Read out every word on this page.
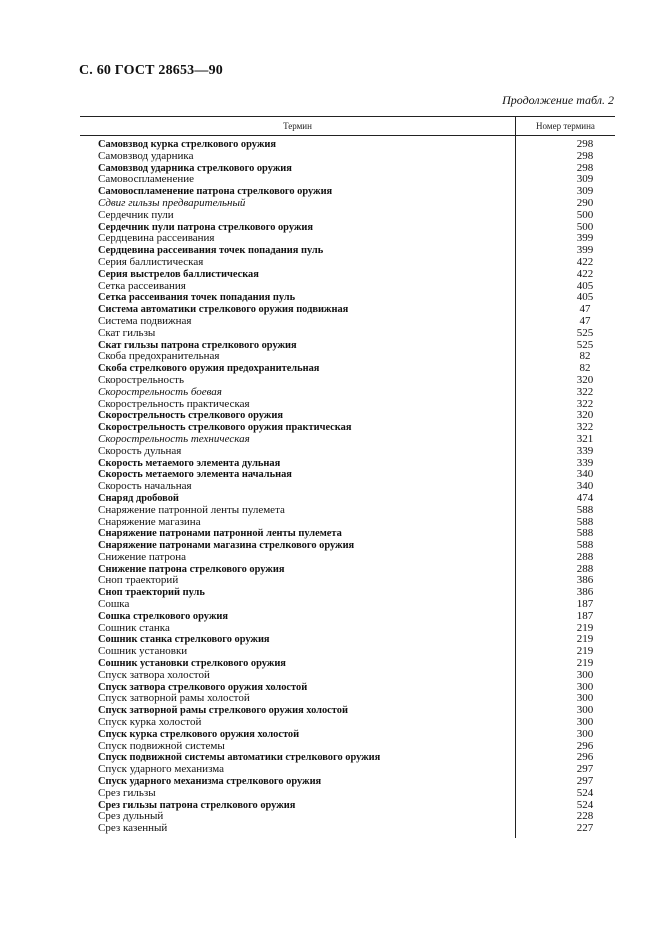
С. 60 ГОСТ 28653—90
Продолжение табл. 2
Термин	Номер термина
Самовзвод курка стрелкового оружия	298
Самовзвод ударника	298
Самовзвод ударника стрелкового оружия	298
Самовоспламенение	309
Самовоспламенение патрона стрелкового оружия	309
Сдвиг гильзы предварительный	290
Сердечник пули	500
Сердечник пули патрона стрелкового оружия	500
Сердцевина рассеивания	399
Сердцевина рассеивания точек попадания пуль	399
Серия баллистическая	422
Серия выстрелов баллистическая	422
Сетка рассеивания	405
Сетка рассеивания точек попадания пуль	405
Система автоматики стрелкового оружия подвижная	47
Система подвижная	47
Скат гильзы	525
Скат гильзы патрона стрелкового оружия	525
Скоба предохранительная	82
Скоба стрелкового оружия предохранительная	82
Скорострельность	320
Скорострельность боевая	322
Скорострельность практическая	322
Скорострельность стрелкового оружия	320
Скорострельность стрелкового оружия практическая	322
Скорострельность техническая	321
Скорость дульная	339
Скорость метаемого элемента дульная	339
Скорость метаемого элемента начальная	340
Скорость начальная	340
Снаряд дробовой	474
Снаряжение патронной ленты пулемета	588
Снаряжение магазина	588
Снаряжение патронами патронной ленты пулемета	588
Снаряжение патронами магазина стрелкового оружия	588
Снижение патрона	288
Снижение патрона стрелкового оружия	288
Сноп траекторий	386
Сноп траекторий пуль	386
Сошка	187
Сошка стрелкового оружия	187
Сошник станка	219
Сошник станка стрелкового оружия	219
Сошник установки	219
Сошник установки стрелкового оружия	219
Спуск затвора холостой	300
Спуск затвора стрелкового оружия холостой	300
Спуск затворной рамы холостой	300
Спуск затворной рамы стрелкового оружия холостой	300
Спуск курка холостой	300
Спуск курка стрелкового оружия холостой	300
Спуск подвижной системы	296
Спуск подвижной системы автоматики стрелкового оружия	296
Спуск ударного механизма	297
Спуск ударного механизма стрелкового оружия	297
Срез гильзы	524
Срез гильзы патрона стрелкового оружия	524
Срез дульный	228
Срез казенный	227
